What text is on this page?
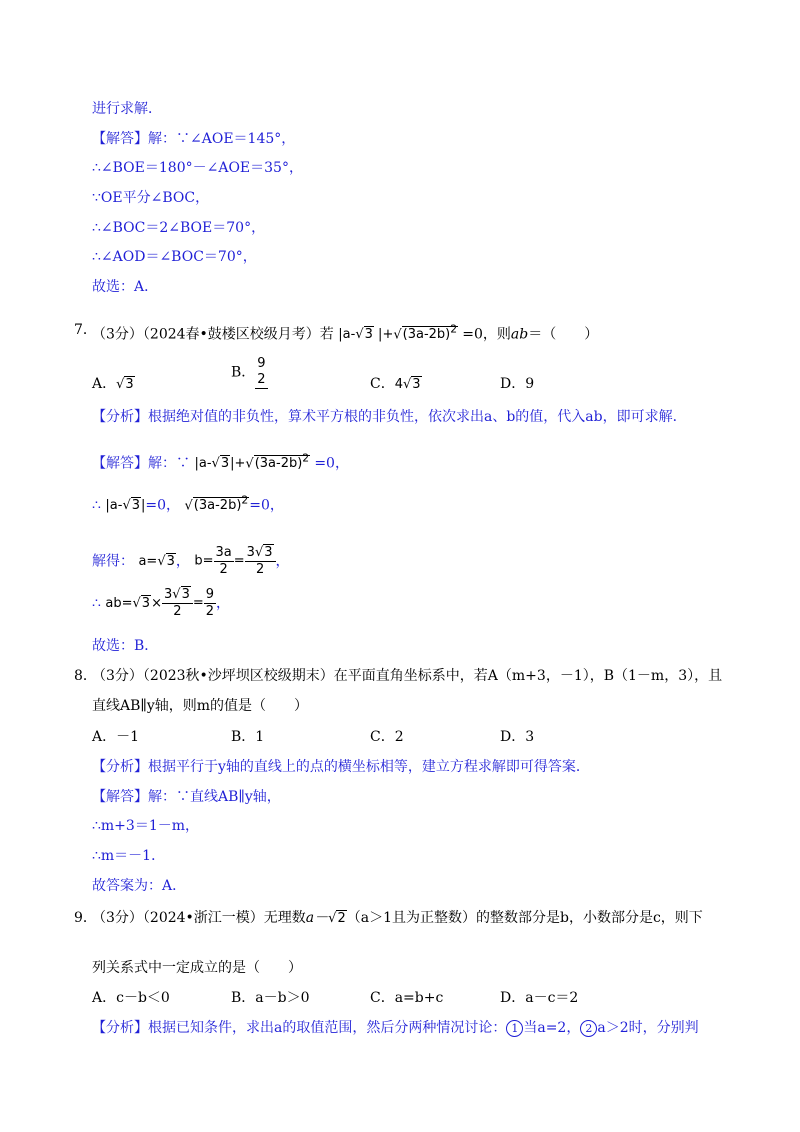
进行求解．
【解答】解：∵∠AOE＝145°，
∴∠BOE＝180°－∠AOE＝35°，
∵OE平分∠BOC，
∴∠BOC＝2∠BOE＝70°，
∴∠AOD＝∠BOC＝70°，
故选：A．
7．
（3分）（2024春•鼓楼区校级月考）若 |a-√3 $|+√(3a-2b)^2 =0$，则ab＝（　　）
A．√3
B．
9
2	C．4√3	D．9
【分析】根据绝对值的非负性，算术平方根的非负性，依次求出a、b的值，代入ab，即可求解．
【解答】解：∵ $|a-√3|+√(3a-2b)^2 =0$，
∴ |a-√3|=0， $√(3a-2b)^2=0$，
解得： a=√3， $b= \frac{3a}{2} = \frac{3√3}{2}$ ，
∴ $ab=√3\times \frac{3√3}{2} = \frac{9}{2}$ ，
故选：B．
8．
（3分）（2023秋•沙坪坝区校级期末）在平面直角坐标系中，若A（m+3，－1），B（1－m，3），且
直线AB∥y轴，则m的值是（　　）
A．－1	B．1	C．2	D．3
【分析】根据平行于y轴的直线上的点的横坐标相等，建立方程求解即可得答案．
【解答】解：∵直线AB∥y轴，
∴m+3＝1－m，
∴m＝－1．
故答案为：A．
9．
（3分）（2024•浙江一模）无理数a－√2（a＞1且为正整数）的整数部分是b，小数部分是c，则下
列关系式中一定成立的是（　　）
A．c－b＜0	B．a－b＞0	C．a=b+c	D．a－c＝2
【分析】根据已知条件，求出a的取值范围，然后分两种情况讨论： 1 当a=2， 2 a＞2时，分别判
